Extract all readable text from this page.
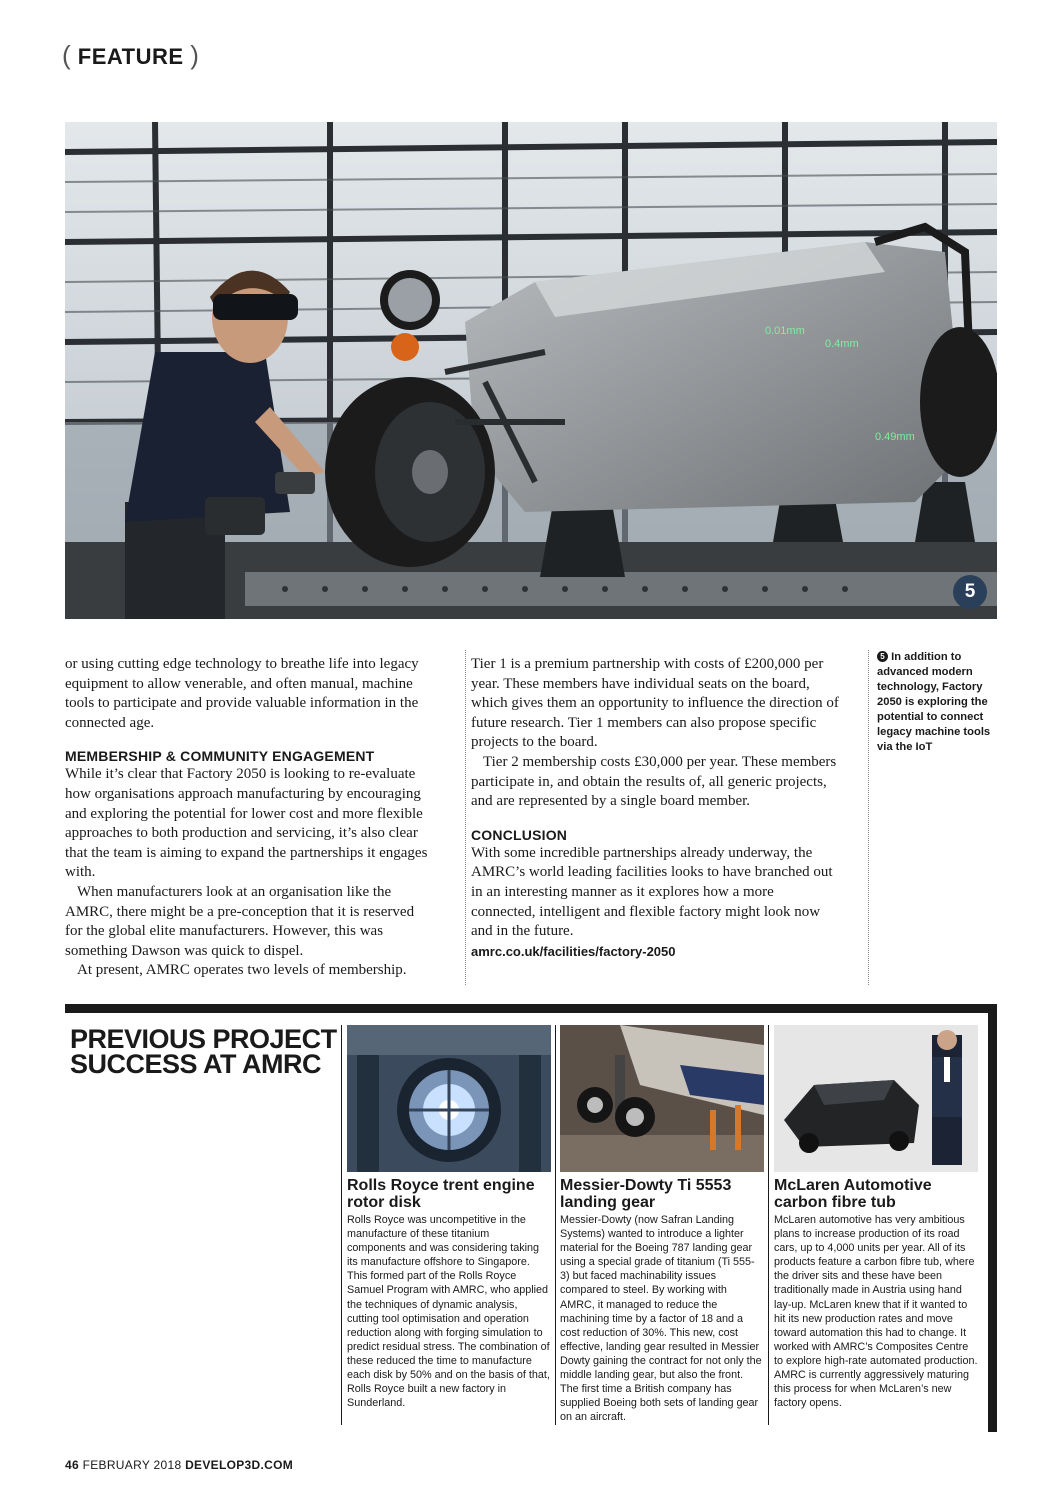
( FEATURE )
0.01mm
0.4mm
0.49mm
5

or using cutting edge technology to breathe life into legacy equipment to allow venerable, and often manual, machine tools to participate and provide valuable information in the connected age.

MEMBERSHIP & COMMUNITY ENGAGEMENT

While it’s clear that Factory 2050 is looking to re-evaluate how organisations approach manufacturing by encouraging and exploring the potential for lower cost and more flexible approaches to both production and servicing, it’s also clear that the team is aiming to expand the partnerships it engages with.

When manufacturers look at an organisation like the AMRC, there might be a pre-conception that it is reserved for the global elite manufacturers. However, this was something Dawson was quick to dispel.

At present, AMRC operates two levels of membership.

Tier 1 is a premium partnership with costs of £200,000 per year. These members have individual seats on the board, which gives them an opportunity to influence the direction of future research. Tier 1 members can also propose specific projects to the board.

Tier 2 membership costs £30,000 per year. These members participate in, and obtain the results of, all generic projects, and are represented by a single board member.

CONCLUSION

With some incredible partnerships already underway, the AMRC’s world leading facilities looks to have branched out in an interesting manner as it explores how a more connected, intelligent and flexible factory might look now and in the future.

amrc.co.uk/facilities/factory-2050

5 In addition to advanced modern technology, Factory 2050 is exploring the potential to connect legacy machine tools via the IoT
PREVIOUS PROJECT SUCCESS AT AMRC
Rolls Royce trent engine rotor disk

Rolls Royce was uncompetitive in the manufacture of these titanium components and was considering taking its manufacture offshore to Singapore. This formed part of the Rolls Royce Samuel Program with AMRC, who applied the techniques of dynamic analysis, cutting tool optimisation and operation reduction along with forging simulation to predict residual stress. The combination of these reduced the time to manufacture each disk by 50% and on the basis of that, Rolls Royce built a new factory in Sunderland.

Messier-Dowty Ti 5553 landing gear

Messier-Dowty (now Safran Landing Systems) wanted to introduce a lighter material for the Boeing 787 landing gear using a special grade of titanium (Ti 555-3) but faced machinability issues compared to steel. By working with AMRC, it managed to reduce the machining time by a factor of 18 and a cost reduction of 30%. This new, cost effective, landing gear resulted in Messier Dowty gaining the contract for not only the middle landing gear, but also the front. The first time a British company has supplied Boeing both sets of landing gear on an aircraft.

McLaren Automotive carbon fibre tub

McLaren automotive has very ambitious plans to increase production of its road cars, up to 4,000 units per year. All of its products feature a carbon fibre tub, where the driver sits and these have been traditionally made in Austria using hand lay-up. McLaren knew that if it wanted to hit its new production rates and move toward automation this had to change. It worked with AMRC’s Composites Centre to explore high-rate automated production. AMRC is currently aggressively maturing this process for when McLaren’s new factory opens.

46 FEBRUARY 2018 DEVELOP3D.COM
